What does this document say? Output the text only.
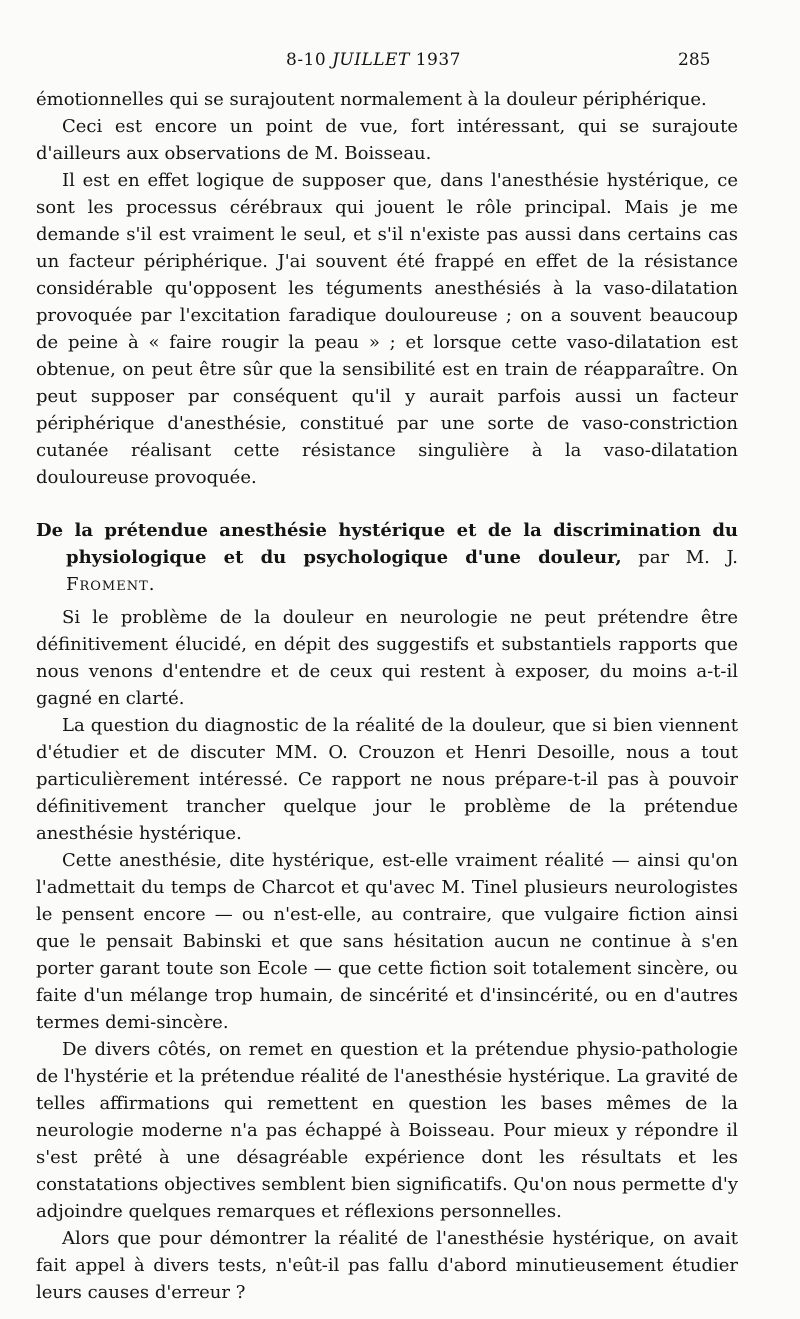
8-10 JUILLET 1937	285

émotionnelles qui se surajoutent normalement à la douleur périphérique.

Ceci est encore un point de vue, fort intéressant, qui se surajoute d'ailleurs aux observations de M. Boisseau.

Il est en effet logique de supposer que, dans l'anesthésie hystérique, ce sont les processus cérébraux qui jouent le rôle principal. Mais je me demande s'il est vraiment le seul, et s'il n'existe pas aussi dans certains cas un facteur périphérique. J'ai souvent été frappé en effet de la résistance considérable qu'opposent les téguments anesthésiés à la vaso-dilatation provoquée par l'excitation faradique douloureuse ; on a souvent beaucoup de peine à « faire rougir la peau » ; et lorsque cette vaso-dilatation est obtenue, on peut être sûr que la sensibilité est en train de réapparaître. On peut supposer par conséquent qu'il y aurait parfois aussi un facteur périphérique d'anesthésie, constitué par une sorte de vaso-constriction cutanée réalisant cette résistance singulière à la vaso-dilatation douloureuse provoquée.

De la prétendue anesthésie hystérique et de la discrimination du physiologique et du psychologique d'une douleur, par M. J. Froment.

Si le problème de la douleur en neurologie ne peut prétendre être définitivement élucidé, en dépit des suggestifs et substantiels rapports que nous venons d'entendre et de ceux qui restent à exposer, du moins a-t-il gagné en clarté.

La question du diagnostic de la réalité de la douleur, que si bien viennent d'étudier et de discuter MM. O. Crouzon et Henri Desoille, nous a tout particulièrement intéressé. Ce rapport ne nous prépare-t-il pas à pouvoir définitivement trancher quelque jour le problème de la prétendue anesthésie hystérique.

Cette anesthésie, dite hystérique, est-elle vraiment réalité — ainsi qu'on l'admettait du temps de Charcot et qu'avec M. Tinel plusieurs neurologistes le pensent encore — ou n'est-elle, au contraire, que vulgaire fiction ainsi que le pensait Babinski et que sans hésitation aucun ne continue à s'en porter garant toute son Ecole — que cette fiction soit totalement sincère, ou faite d'un mélange trop humain, de sincérité et d'insincérité, ou en d'autres termes demi-sincère.

De divers côtés, on remet en question et la prétendue physio-pathologie de l'hystérie et la prétendue réalité de l'anesthésie hystérique. La gravité de telles affirmations qui remettent en question les bases mêmes de la neurologie moderne n'a pas échappé à Boisseau. Pour mieux y répondre il s'est prêté à une désagréable expérience dont les résultats et les constatations objectives semblent bien significatifs. Qu'on nous permette d'y adjoindre quelques remarques et réflexions personnelles.

Alors que pour démontrer la réalité de l'anesthésie hystérique, on avait fait appel à divers tests, n'eût-il pas fallu d'abord minutieusement étudier leurs causes d'erreur ?
